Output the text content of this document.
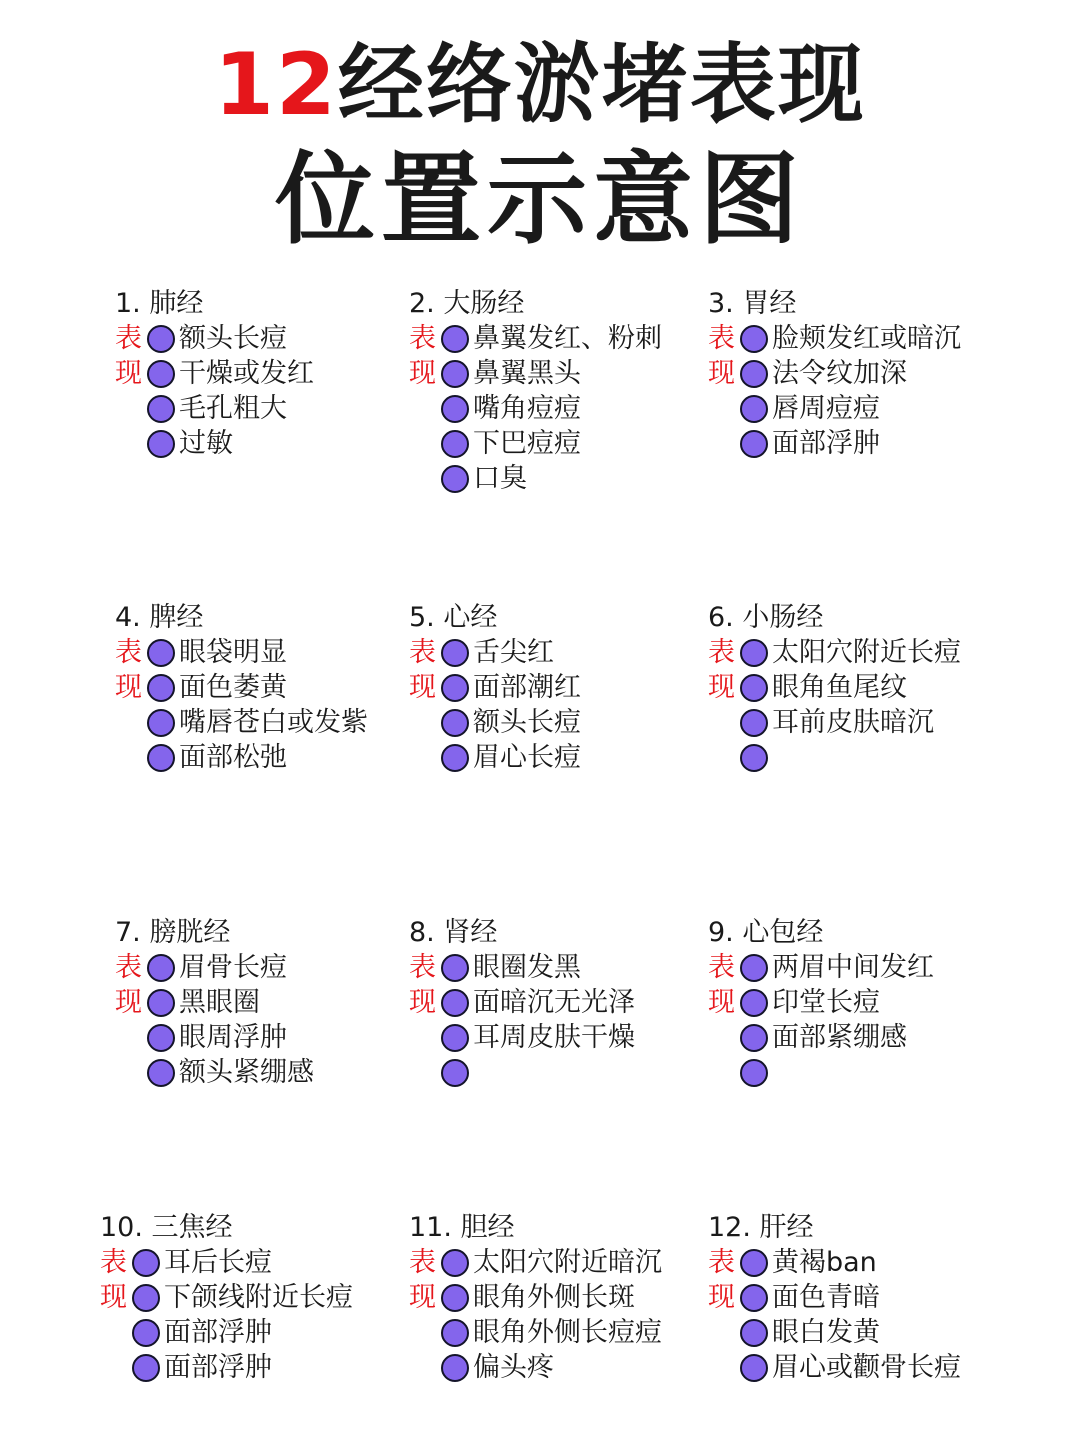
12经络淤堵表现
位置示意图
1. 肺经
表 额头长痘
现 干燥或发红
毛孔粗大
过敏
2. 大肠经
表 鼻翼发红、粉刺
现 鼻翼黑头
嘴角痘痘
下巴痘痘
口臭
3. 胃经
表 脸颊发红或暗沉
现 法令纹加深
唇周痘痘
面部浮肿
4. 脾经
表 眼袋明显
现 面色萎黄
嘴唇苍白或发紫
面部松弛
5. 心经
表 舌尖红
现 面部潮红
额头长痘
眉心长痘
6. 小肠经
表 太阳穴附近长痘
现 眼角鱼尾纹
耳前皮肤暗沉
7. 膀胱经
表 眉骨长痘
现 黑眼圈
眼周浮肿
额头紧绷感
8. 肾经
表 眼圈发黑
现 面暗沉无光泽
耳周皮肤干燥
9. 心包经
表 两眉中间发红
现 印堂长痘
面部紧绷感
10. 三焦经
表 耳后长痘
现 下颌线附近长痘
面部浮肿
面部浮肿
11. 胆经
表 太阳穴附近暗沉
现 眼角外侧长斑
眼角外侧长痘痘
偏头疼
12. 肝经
表 黄褐ban
现 面色青暗
眼白发黄
眉心或颧骨长痘
